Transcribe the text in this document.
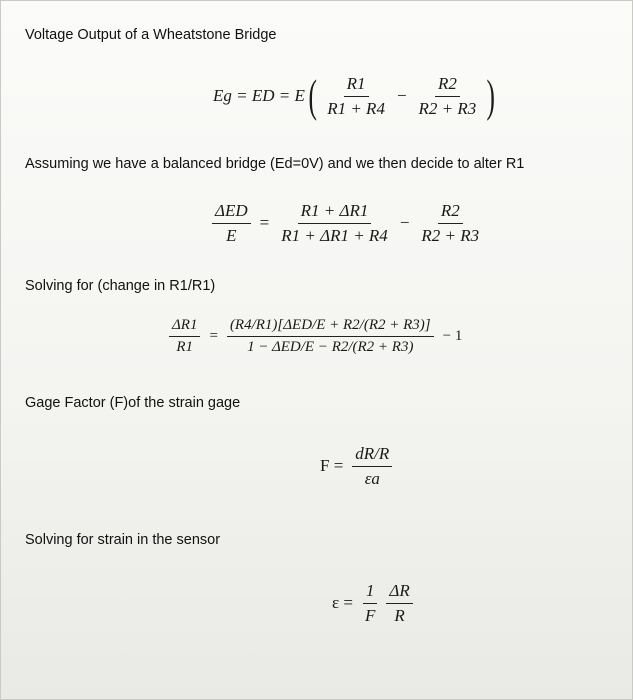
Voltage Output of a Wheatstone Bridge
Eg = ED = E ( $\frac{R1}{R1 + R4} - \frac{R2}{R2 + R3}$ )
Assuming we have a balanced bridge (Ed=0V) and we then decide to alter R1
$\frac{\text{ΔED}}{E} = \frac{R1 + \Delta R1}{R1 + \Delta R1 + R4} - \frac{R2}{R2 + R3}$
Solving for (change in R1/R1)
$\frac{\Delta R1}{R1} = \frac{\text{(R4/R1)[ΔED/E + R2/(R2 + R3)]}}{\text{1 − ΔED/E − R2/(R2 + R3)}} - 1$
Gage Factor (F)of the strain gage
$F = \frac{dR/R}{\varepsilon a}$
Solving for strain in the sensor
$\varepsilon = \frac{1}{F} \frac{\Delta R}{R}$
